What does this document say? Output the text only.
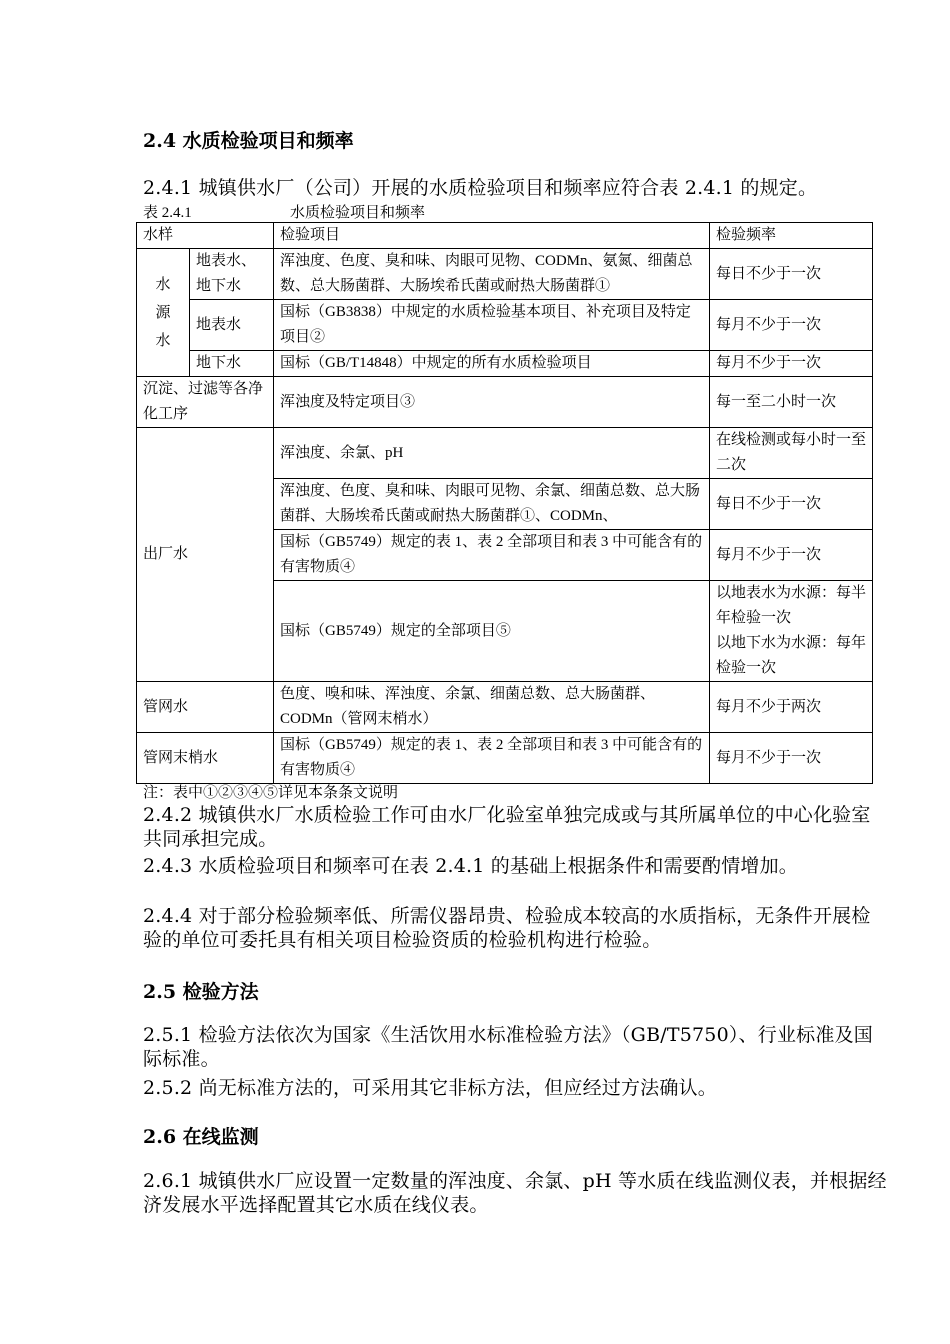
2.4 水质检验项目和频率
2.4.1 城镇供水厂（公司）开展的水质检验项目和频率应符合表 2.4.1 的规定。
表 2.4.1	水质检验项目和频率
水样		检验项目	检验频率

水
源
水	地表水、地下水	浑浊度、色度、臭和味、肉眼可见物、CODMn、氨氮、细菌总数、总大肠菌群、大肠埃希氏菌或耐热大肠菌群①	每日不少于一次
	地表水	国标（GB3838）中规定的水质检验基本项目、补充项目及特定项目②	每月不少于一次
	地下水	国标（GB/T14848）中规定的所有水质检验项目	每月不少于一次
沉淀、过滤等各净化工序		浑浊度及特定项目③	每一至二小时一次
出厂水		浑浊度、余氯、pH	在线检测或每小时一至二次
		浑浊度、色度、臭和味、肉眼可见物、余氯、细菌总数、总大肠菌群、大肠埃希氏菌或耐热大肠菌群①、CODMn、	每日不少于一次
		国标（GB5749）规定的表 1、表 2 全部项目和表 3 中可能含有的有害物质④	每月不少于一次
		国标（GB5749）规定的全部项目⑤	以地表水为水源：每半年检验一次
以地下水为水源：每年检验一次

管网水		色度、嗅和味、浑浊度、余氯、细菌总数、总大肠菌群、CODMn（管网末梢水）	每月不少于两次
管网末梢水		国标（GB5749）规定的表 1、表 2 全部项目和表 3 中可能含有的有害物质④	每月不少于一次
注：表中①②③④⑤详见本条条文说明
2.4.2 城镇供水厂水质检验工作可由水厂化验室单独完成或与其所属单位的中心化验室共同承担完成。
2.4.3 水质检验项目和频率可在表 2.4.1 的基础上根据条件和需要酌情增加。
2.4.4 对于部分检验频率低、所需仪器昂贵、检验成本较高的水质指标，无条件开展检验的单位可委托具有相关项目检验资质的检验机构进行检验。
2.5 检验方法
2.5.1 检验方法依次为国家《生活饮用水标准检验方法》（GB/T5750）、行业标准及国际标准。
2.5.2 尚无标准方法的，可采用其它非标方法，但应经过方法确认。
2.6 在线监测
2.6.1 城镇供水厂应设置一定数量的浑浊度、余氯、pH 等水质在线监测仪表，并根据经济发展水平选择配置其它水质在线仪表。
